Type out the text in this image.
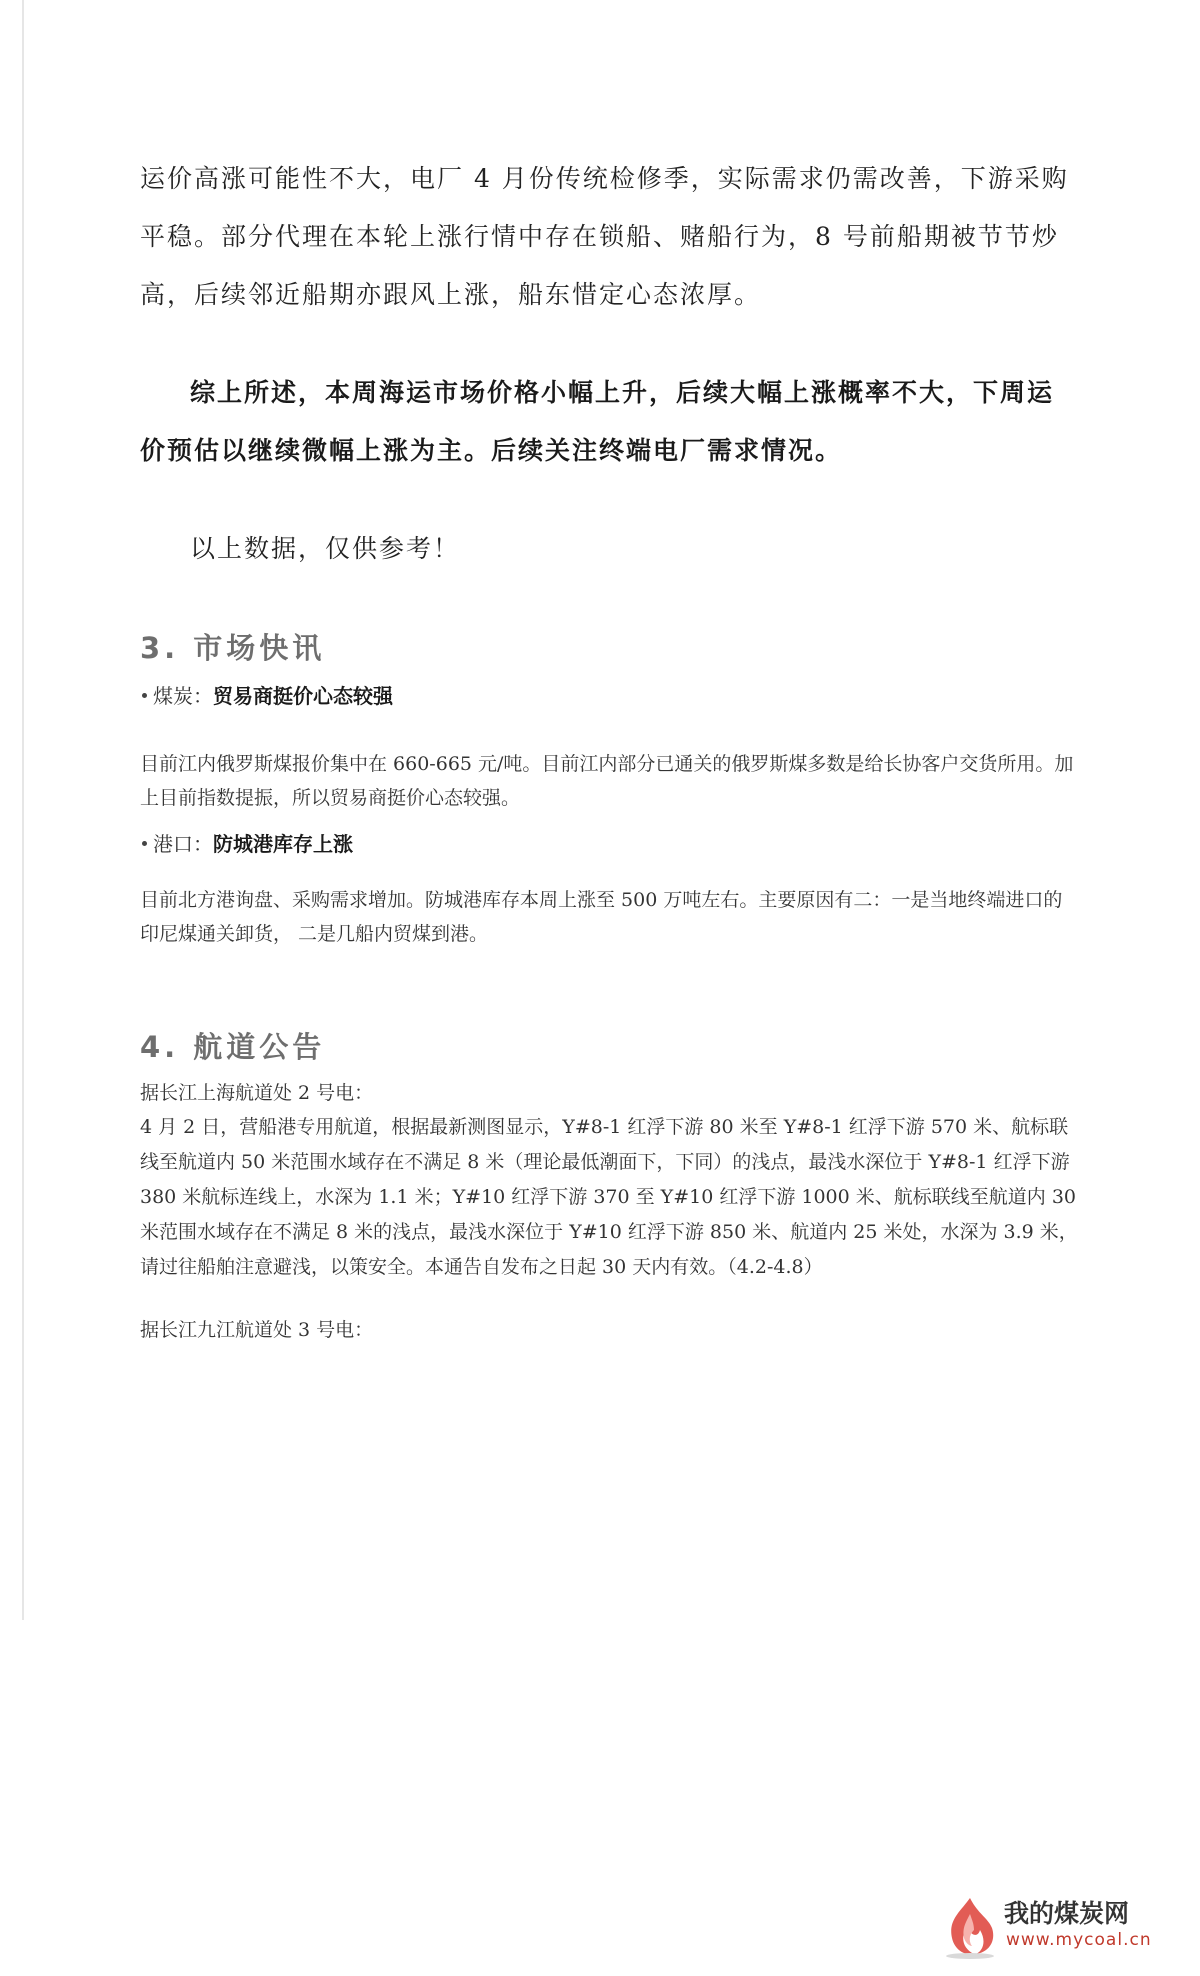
运价高涨可能性不大，电厂 4 月份传统检修季，实际需求仍需改善，下游采购平稳。部分代理在本轮上涨行情中存在锁船、赌船行为，8 号前船期被节节炒高，后续邻近船期亦跟风上涨，船东惜定心态浓厚。

综上所述，本周海运市场价格小幅上升，后续大幅上涨概率不大，下周运价预估以继续微幅上涨为主。后续关注终端电厂需求情况。

以上数据，仅供参考！

3. 市场快讯

煤炭：贸易商挺价心态较强

目前江内俄罗斯煤报价集中在 660-665 元/吨。目前江内部分已通关的俄罗斯煤多数是给长协客户交货所用。加上目前指数提振，所以贸易商挺价心态较强。

港口：防城港库存上涨

目前北方港询盘、采购需求增加。防城港库存本周上涨至 500 万吨左右。主要原因有二：一是当地终端进口的印尼煤通关卸货， 二是几船内贸煤到港。

4. 航道公告

据长江上海航道处 2 号电：

4 月 2 日，营船港专用航道，根据最新测图显示，Y#8-1 红浮下游 80 米至 Y#8-1 红浮下游 570 米、航标联线至航道内 50 米范围水域存在不满足 8 米（理论最低潮面下，下同）的浅点，最浅水深位于 Y#8-1 红浮下游 380 米航标连线上，水深为 1.1 米；Y#10 红浮下游 370 至 Y#10 红浮下游 1000 米、航标联线至航道内 30 米范围水域存在不满足 8 米的浅点，最浅水深位于 Y#10 红浮下游 850 米、航道内 25 米处，水深为 3.9 米，请过往船舶注意避浅，以策安全。本通告自发布之日起 30 天内有效。（4.2-4.8）

据长江九江航道处 3 号电：

我的煤炭网
www.mycoal.cn
